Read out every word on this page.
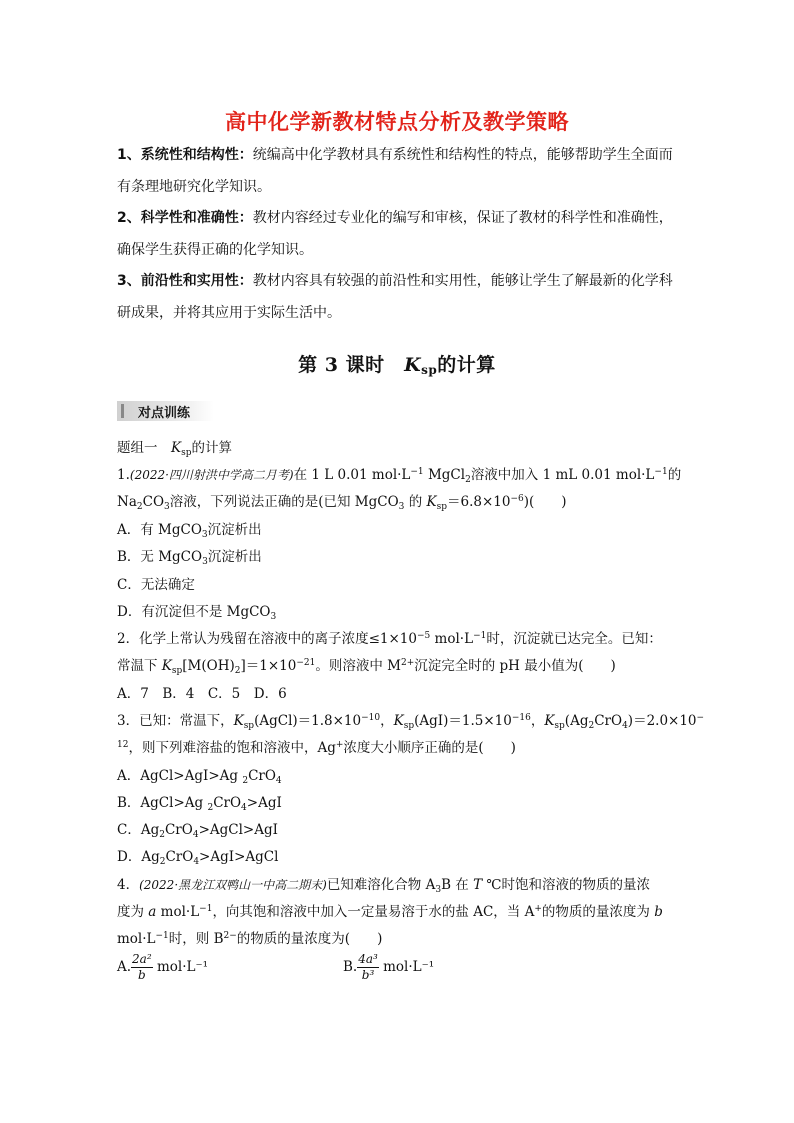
高中化学新教材特点分析及教学策略
1、系统性和结构性：统编高中化学教材具有系统性和结构性的特点，能够帮助学生全面而有条理地研究化学知识。
2、科学性和准确性：教材内容经过专业化的编写和审核，保证了教材的科学性和准确性，确保学生获得正确的化学知识。
3、前沿性和实用性：教材内容具有较强的前沿性和实用性，能够让学生了解最新的化学科研成果，并将其应用于实际生活中。
第 3 课时  $K_{sp}$的计算
对点训练
题组一  $K_{sp}$的计算
1.(2022·四川射洪中学高二月考)在 1 L 0.01 $mol\cdot L^{-1}$ MgCl$_2$溶液中加入 1 mL 0.01 $mol\cdot L^{-1}$的
$Na_2CO_3$溶液，下列说法正确的是(已知 MgCO$_3$ 的 $K_{sp}=6.8\times 10^{-6}$)(　　)
A．有 MgCO$_3$沉淀析出
B．无 MgCO$_3$沉淀析出
C．无法确定
D．有沉淀但不是 MgCO$_3$
2．化学上常认为残留在溶液中的离子浓度$\le 1\times 10^{-5}$ $mol\cdot L^{-1}$时，沉淀就已达完全。已知：
常温下 $K_{sp}[M(OH)_2]=1\times 10^{-21}$。则溶液中 $M^{2+}$沉淀完全时的 pH 最小值为(　　)
A．7　B．4　C．5　D．6
3．已知：常温下，$K_{sp}(AgCl)=1.8\times 10^{-10}$，$K_{sp}(AgI)=1.5\times 10^{-16}$，$K_{sp}(Ag_2CrO_4)=2.0\times 10^-$
$^{12}$，则下列难溶盐的饱和溶液中，Ag+浓度大小顺序正确的是(　　)
A．AgCl>AgI>Ag $_2$CrO$_4$
B．AgCl>Ag $_2$CrO$_4$>AgI
C．$Ag_2CrO_4>AgCl>AgI$
D．$Ag_2CrO_4>AgI>AgCl$
4．(2022·黑龙江双鸭山一中高二期末)已知难溶化合物 $A_3B$ 在 T ℃时饱和溶液的物质的量浓
度为 a $mol\cdot L^{-1}$，向其饱和溶液中加入一定量易溶于水的盐 AC，当 A+的物质的量浓度为 b
$mol\cdot L^{-1}$时，则 $B^{2-}$的物质的量浓度为(　　)
A. $\frac{\text{2a²}}{b} mol\cdot L^{-1}$	B. $\frac{\text{4a³}}{\text{b³}} mol\cdot L^{-1}$
